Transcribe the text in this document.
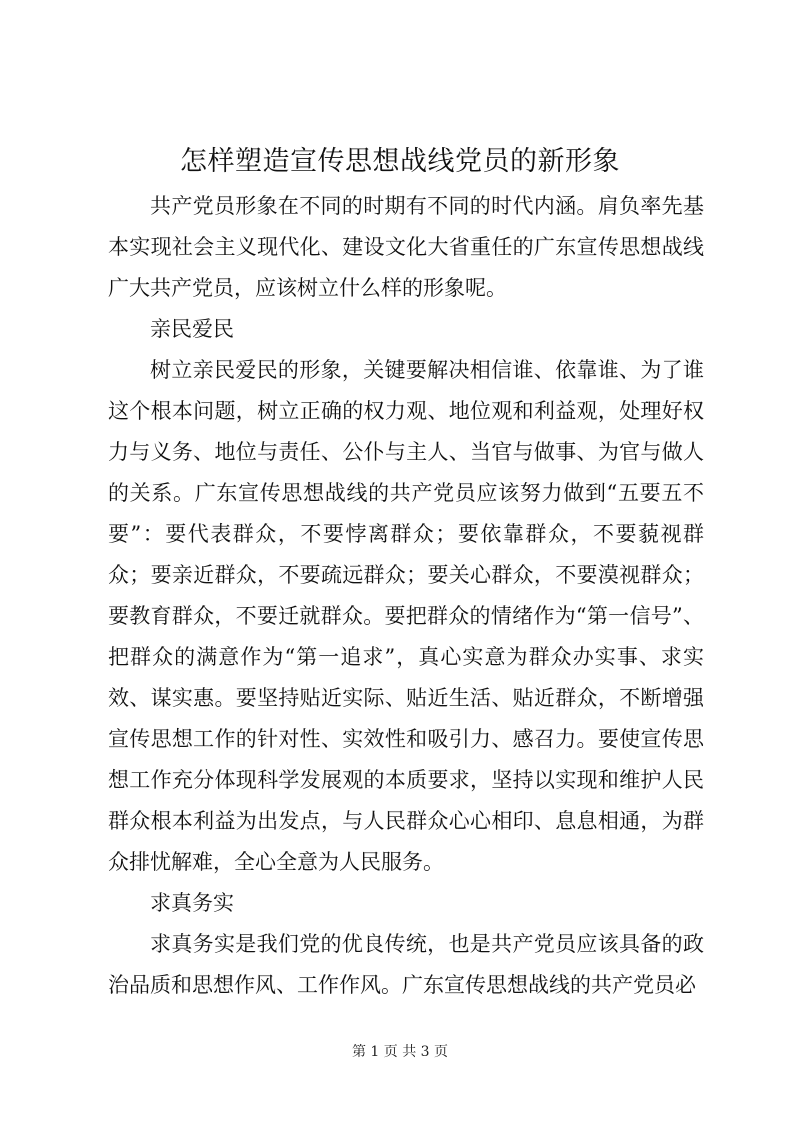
怎样塑造宣传思想战线党员的新形象

共产党员形象在不同的时期有不同的时代内涵。肩负率先基本实现社会主义现代化、建设文化大省重任的广东宣传思想战线广大共产党员，应该树立什么样的形象呢。

亲民爱民

树立亲民爱民的形象，关键要解决相信谁、依靠谁、为了谁这个根本问题，树立正确的权力观、地位观和利益观，处理好权力与义务、地位与责任、公仆与主人、当官与做事、为官与做人的关系。广东宣传思想战线的共产党员应该努力做到“五要五不要”：要代表群众，不要悖离群众；要依靠群众，不要藐视群众；要亲近群众，不要疏远群众；要关心群众，不要漠视群众；要教育群众，不要迁就群众。要把群众的情绪作为“第一信号”、把群众的满意作为“第一追求”，真心实意为群众办实事、求实效、谋实惠。要坚持贴近实际、贴近生活、贴近群众，不断增强宣传思想工作的针对性、实效性和吸引力、感召力。要使宣传思想工作充分体现科学发展观的本质要求，坚持以实现和维护人民群众根本利益为出发点，与人民群众心心相印、息息相通，为群众排忧解难，全心全意为人民服务。

求真务实

求真务实是我们党的优良传统，也是共产党员应该具备的政治品质和思想作风、工作作风。广东宣传思想战线的共产党员必

第 1 页 共 3 页
